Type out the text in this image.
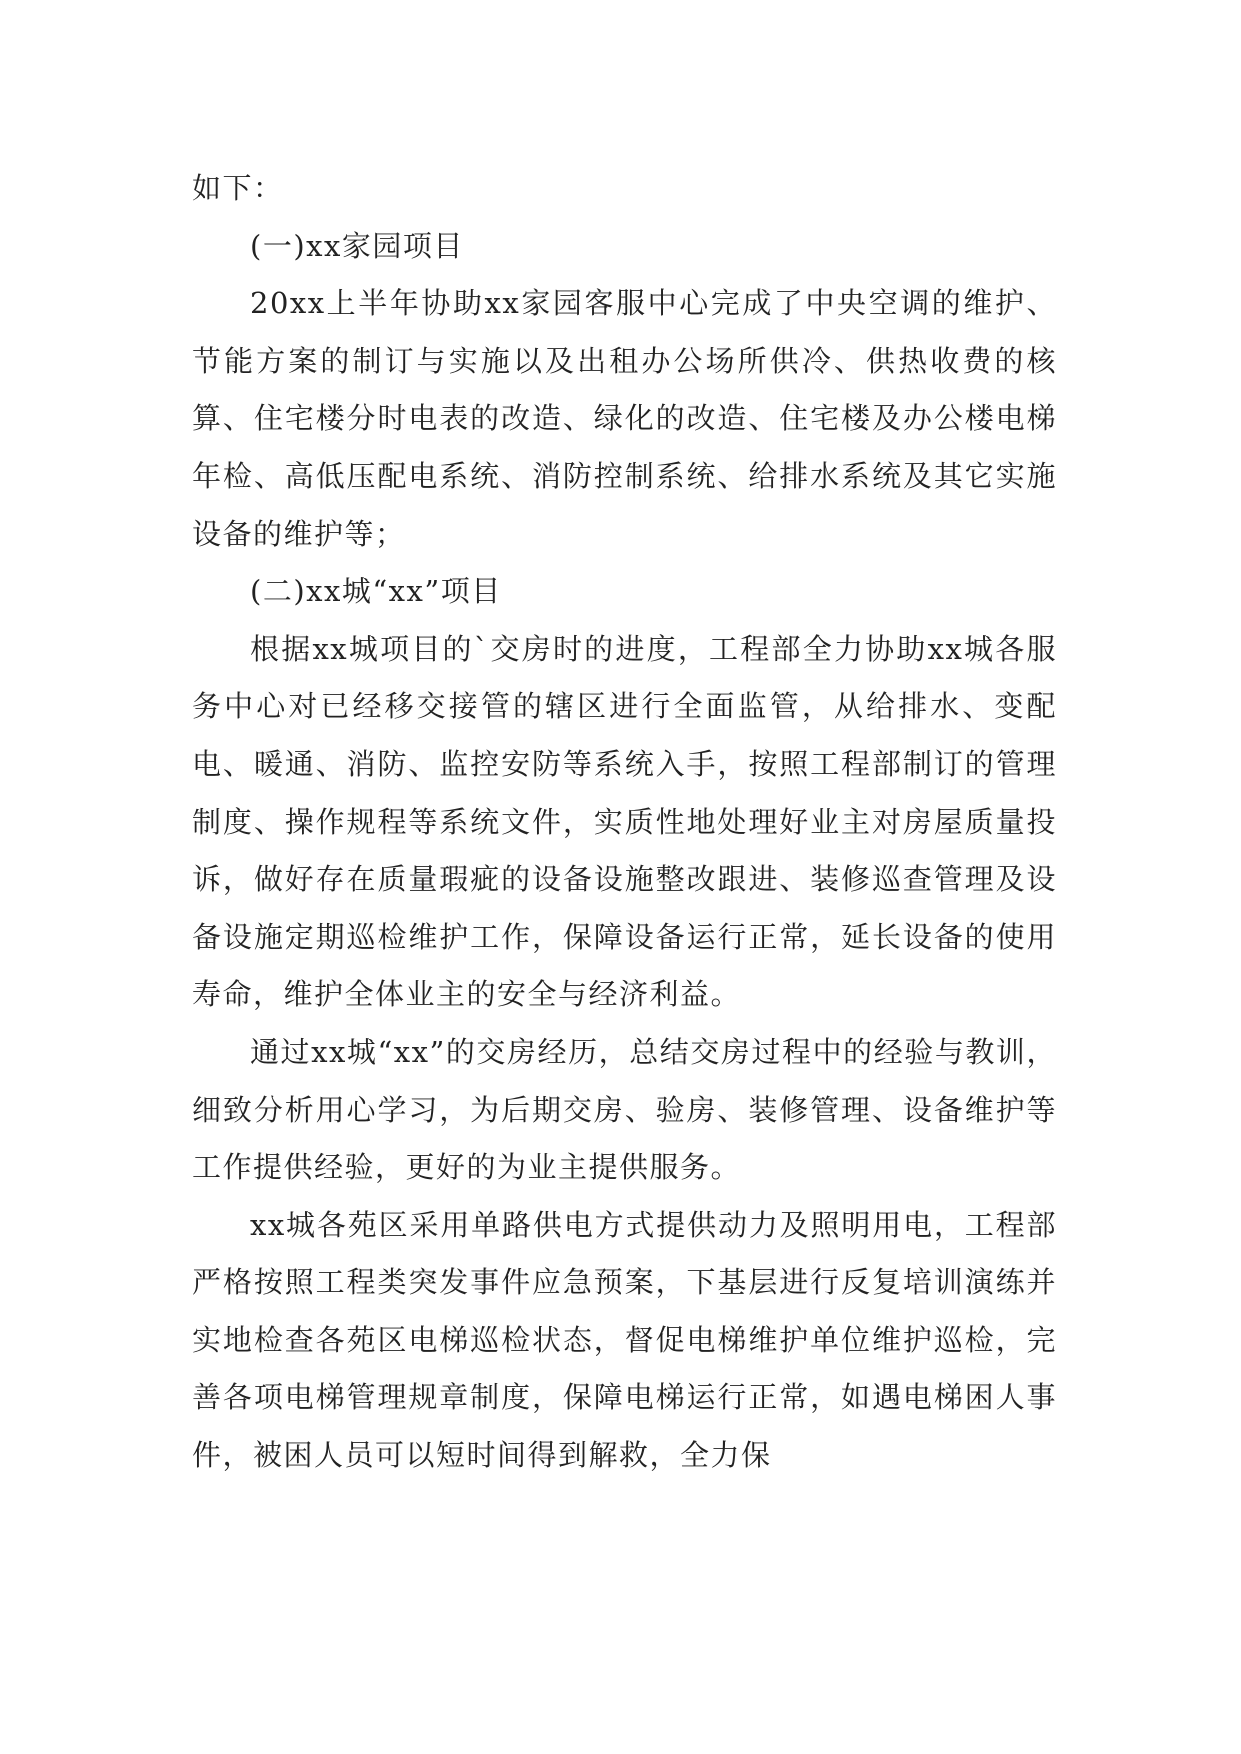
如下：

(一)xx家园项目

20xx上半年协助xx家园客服中心完成了中央空调的维护、节能方案的制订与实施以及出租办公场所供冷、供热收费的核算、住宅楼分时电表的改造、绿化的改造、住宅楼及办公楼电梯年检、高低压配电系统、消防控制系统、给排水系统及其它实施设备的维护等；

(二)xx城“xx”项目

根据xx城项目的`交房时的进度，工程部全力协助xx城各服务中心对已经移交接管的辖区进行全面监管，从给排水、变配电、暖通、消防、监控安防等系统入手，按照工程部制订的管理制度、操作规程等系统文件，实质性地处理好业主对房屋质量投诉，做好存在质量瑕疵的设备设施整改跟进、装修巡查管理及设备设施定期巡检维护工作，保障设备运行正常，延长设备的使用寿命，维护全体业主的安全与经济利益。

通过xx城“xx”的交房经历，总结交房过程中的经验与教训，细致分析用心学习，为后期交房、验房、装修管理、设备维护等工作提供经验，更好的为业主提供服务。

xx城各苑区采用单路供电方式提供动力及照明用电，工程部严格按照工程类突发事件应急预案，下基层进行反复培训演练并实地检查各苑区电梯巡检状态，督促电梯维护单位维护巡检，完善各项电梯管理规章制度，保障电梯运行正常，如遇电梯困人事件，被困人员可以短时间得到解救，全力保
